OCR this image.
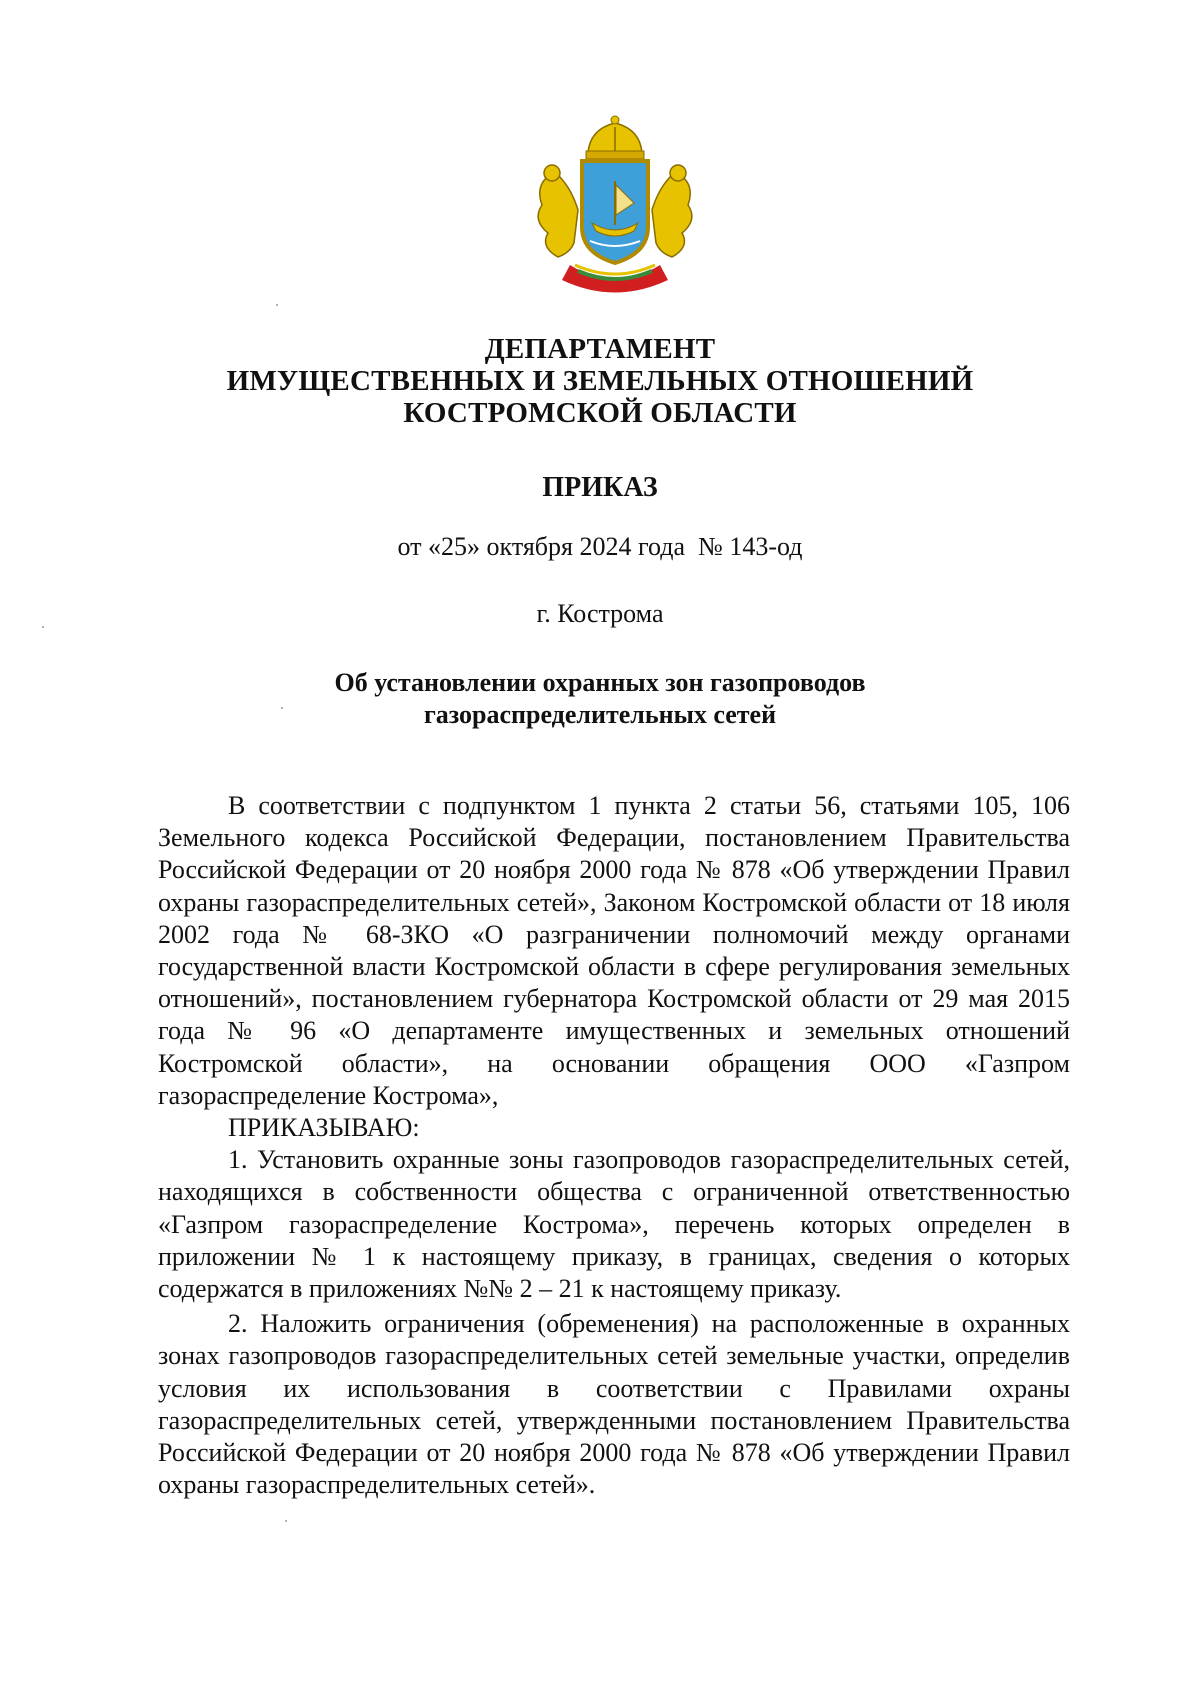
ДЕПАРТАМЕНТ
ИМУЩЕСТВЕННЫХ И ЗЕМЕЛЬНЫХ ОТНОШЕНИЙ
КОСТРОМСКОЙ ОБЛАСТИ
ПРИКАЗ
от «25» октября 2024 года  № 143-од
г. Кострома
Об установлении охранных зон газопроводов
газораспределительных сетей

В соответствии с подпунктом 1 пункта 2 статьи 56, статьями 105, 106 Земельного кодекса Российской Федерации, постановлением Правительства Российской Федерации от 20 ноября 2000 года № 878 «Об утверждении Правил охраны газораспределительных сетей», Законом Костромской области от 18 июля 2002 года № 68-ЗКО «О разграничении полномочий между органами государственной власти Костромской области в сфере регулирования земельных отношений», постановлением губернатора Костромской области от 29 мая 2015 года № 96 «О департаменте имущественных и земельных отношений Костромской области», на основании обращения ООО «Газпром газораспределение Кострома»,

ПРИКАЗЫВАЮ:

1. Установить охранные зоны газопроводов газораспределительных сетей, находящихся в собственности общества с ограниченной ответственностью «Газпром газораспределение Кострома», перечень которых определен в приложении № 1 к настоящему приказу, в границах, сведения о которых содержатся в приложениях №№ 2 – 21 к настоящему приказу.

2. Наложить ограничения (обременения) на расположенные в охранных зонах газопроводов газораспределительных сетей земельные участки, определив условия их использования в соответствии с Правилами охраны газораспределительных сетей, утвержденными постановлением Правительства Российской Федерации от 20 ноября 2000 года № 878 «Об утверждении Правил охраны газораспределительных сетей».
